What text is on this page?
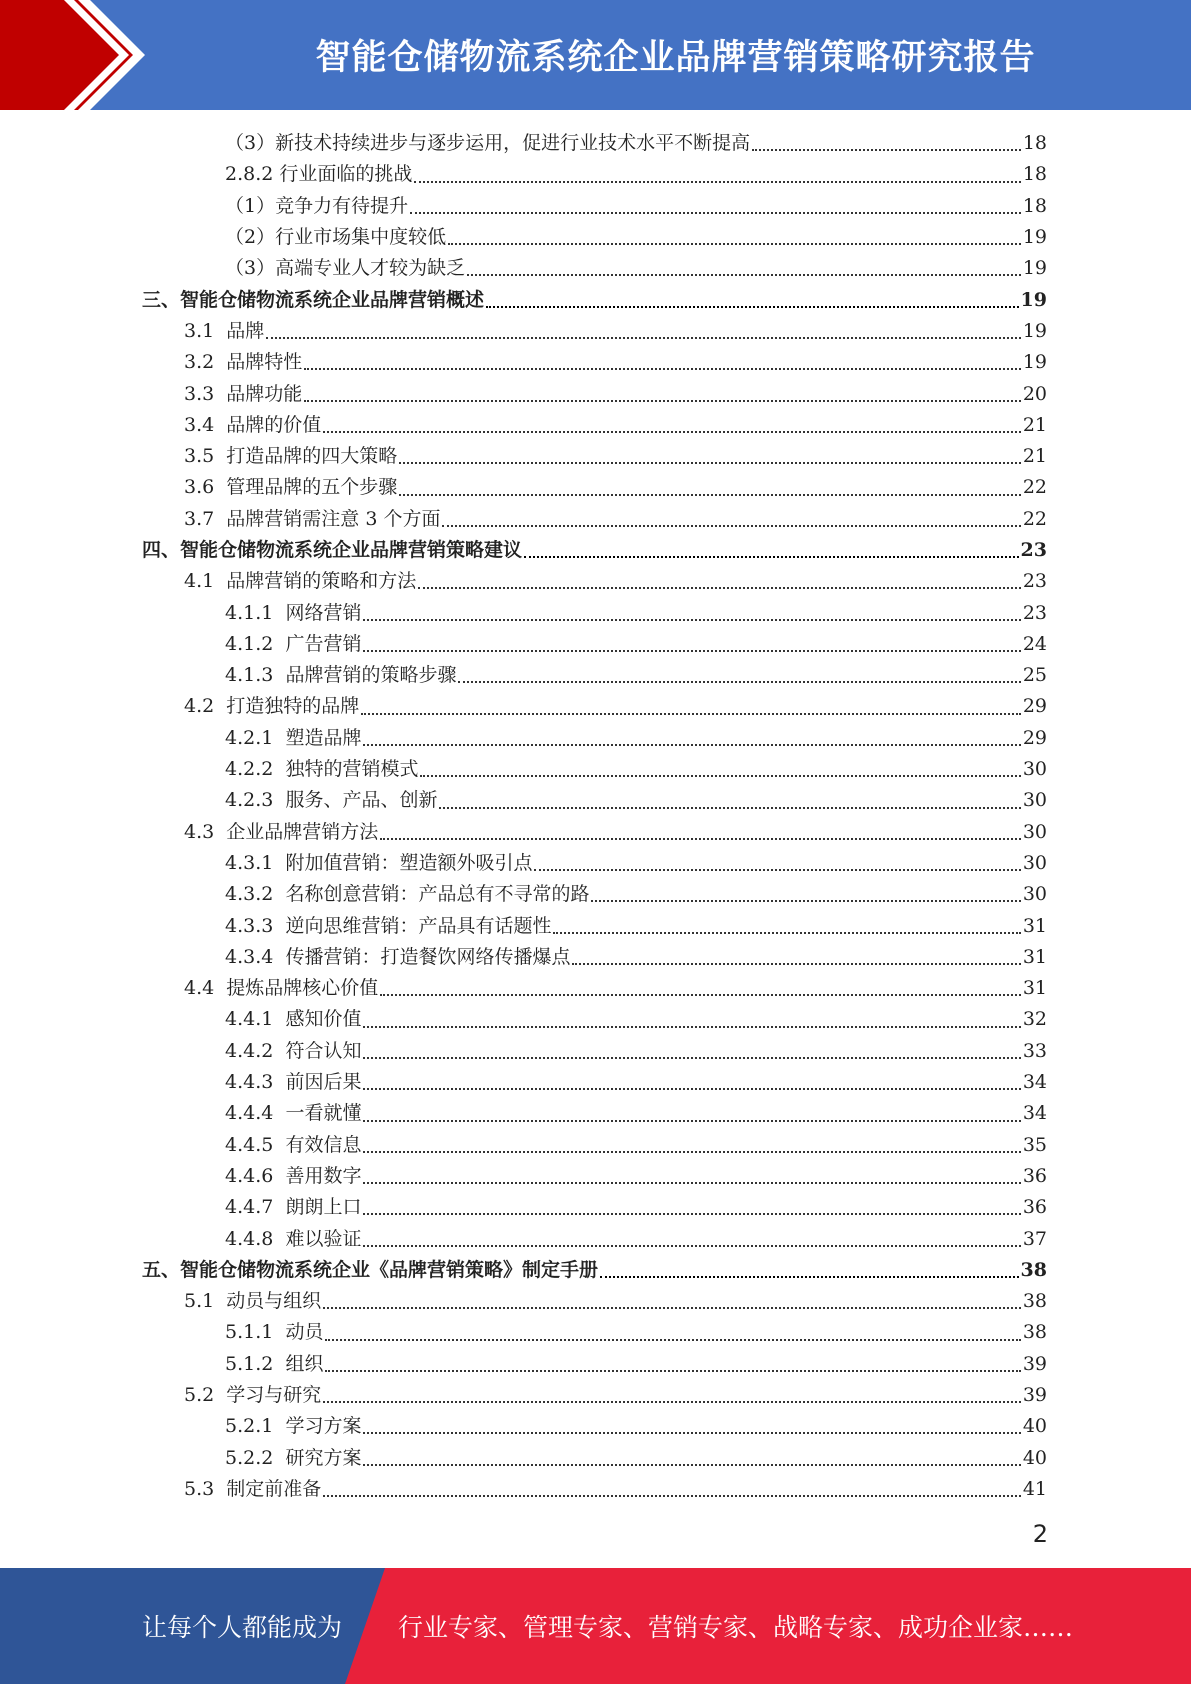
智能仓储物流系统企业品牌营销策略研究报告
（3）新技术持续进步与逐步运用，促进行业技术水平不断提高	18
2.8.2 行业面临的挑战	18
（1）竞争力有待提升	18
（2）行业市场集中度较低	19
（3）高端专业人才较为缺乏	19
三、智能仓储物流系统企业品牌营销概述	19
3.1 品牌	19
3.2 品牌特性	19
3.3 品牌功能	20
3.4 品牌的价值	21
3.5 打造品牌的四大策略	21
3.6 管理品牌的五个步骤	22
3.7 品牌营销需注意 3 个方面	22
四、智能仓储物流系统企业品牌营销策略建议	23
4.1 品牌营销的策略和方法	23
4.1.1 网络营销	23
4.1.2 广告营销	24
4.1.3 品牌营销的策略步骤	25
4.2 打造独特的品牌	29
4.2.1 塑造品牌	29
4.2.2 独特的营销模式	30
4.2.3 服务、产品、创新	30
4.3 企业品牌营销方法	30
4.3.1 附加值营销：塑造额外吸引点	30
4.3.2 名称创意营销：产品总有不寻常的路	30
4.3.3 逆向思维营销：产品具有话题性	31
4.3.4 传播营销：打造餐饮网络传播爆点	31
4.4 提炼品牌核心价值	31
4.4.1 感知价值	32
4.4.2 符合认知	33
4.4.3 前因后果	34
4.4.4 一看就懂	34
4.4.5 有效信息	35
4.4.6 善用数字	36
4.4.7 朗朗上口	36
4.4.8 难以验证	37
五、智能仓储物流系统企业《品牌营销策略》制定手册	38
5.1 动员与组织	38
5.1.1 动员	38
5.1.2 组织	39
5.2 学习与研究	39
5.2.1 学习方案	40
5.2.2 研究方案	40
5.3 制定前准备	41
2
让每个人都能成为 行业专家、管理专家、营销专家、战略专家、成功企业家……
